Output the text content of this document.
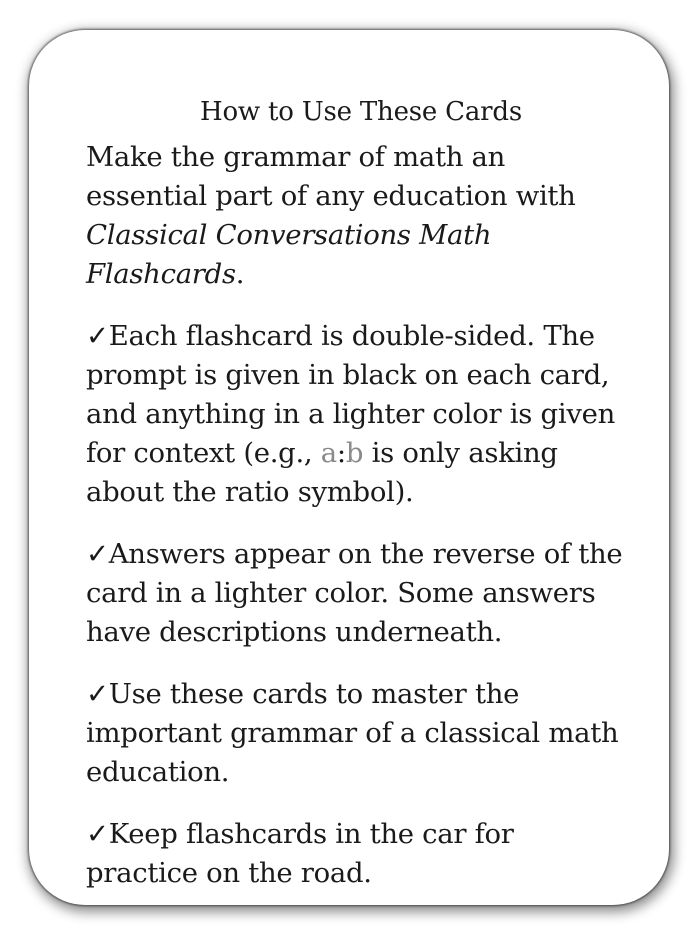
How to Use These Cards

Make the grammar of math an essential part of any education with Classical Conversations Math Flashcards.

✓Each flashcard is double-sided. The prompt is given in black on each card, and anything in a lighter color is given for context (e.g., a:b is only asking about the ratio symbol).

✓Answers appear on the reverse of the card in a lighter color. Some answers have descriptions underneath.

✓Use these cards to master the important grammar of a classical math education.

✓Keep flashcards in the car for practice on the road.
